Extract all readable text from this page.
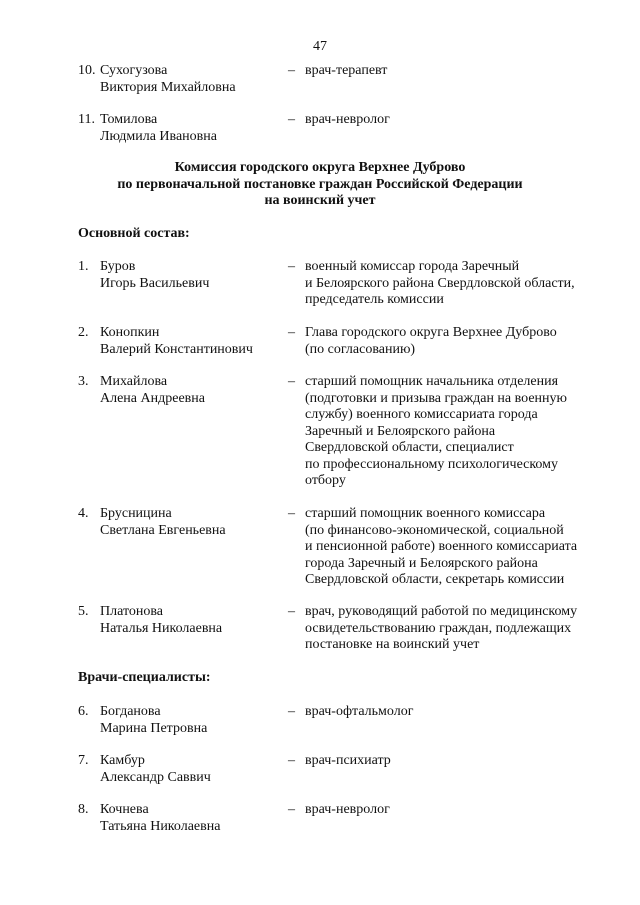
47
10. Сухогузова
Виктория Михайловна
– врач-терапевт
11. Томилова
Людмила Ивановна
– врач-невролог
Комиссия городского округа Верхнее Дуброво
по первоначальной постановке граждан Российской Федерации
на воинский учет
Основной состав:
1. Буров
Игорь Васильевич
– военный комиссар города Заречный
и Белоярского района Свердловской области,
председатель комиссии
2. Конопкин
Валерий Константинович
– Глава городского округа Верхнее Дуброво
(по согласованию)
3. Михайлова
Алена Андреевна
– старший помощник начальника отделения
(подготовки и призыва граждан на военную
службу) военного комиссариата города
Заречный и Белоярского района
Свердловской области, специалист
по профессиональному психологическому
отбору
4. Брусницина
Светлана Евгеньевна
– старший помощник военного комиссара
(по финансово-экономической, социальной
и пенсионной работе) военного комиссариата
города Заречный и Белоярского района
Свердловской области, секретарь комиссии
5. Платонова
Наталья Николаевна
– врач, руководящий работой по медицинскому
освидетельствованию граждан, подлежащих
постановке на воинский учет
Врачи-специалисты:
6. Богданова
Марина Петровна
– врач-офтальмолог
7. Камбур
Александр Саввич
– врач-психиатр
8. Кочнева
Татьяна Николаевна
– врач-невролог
